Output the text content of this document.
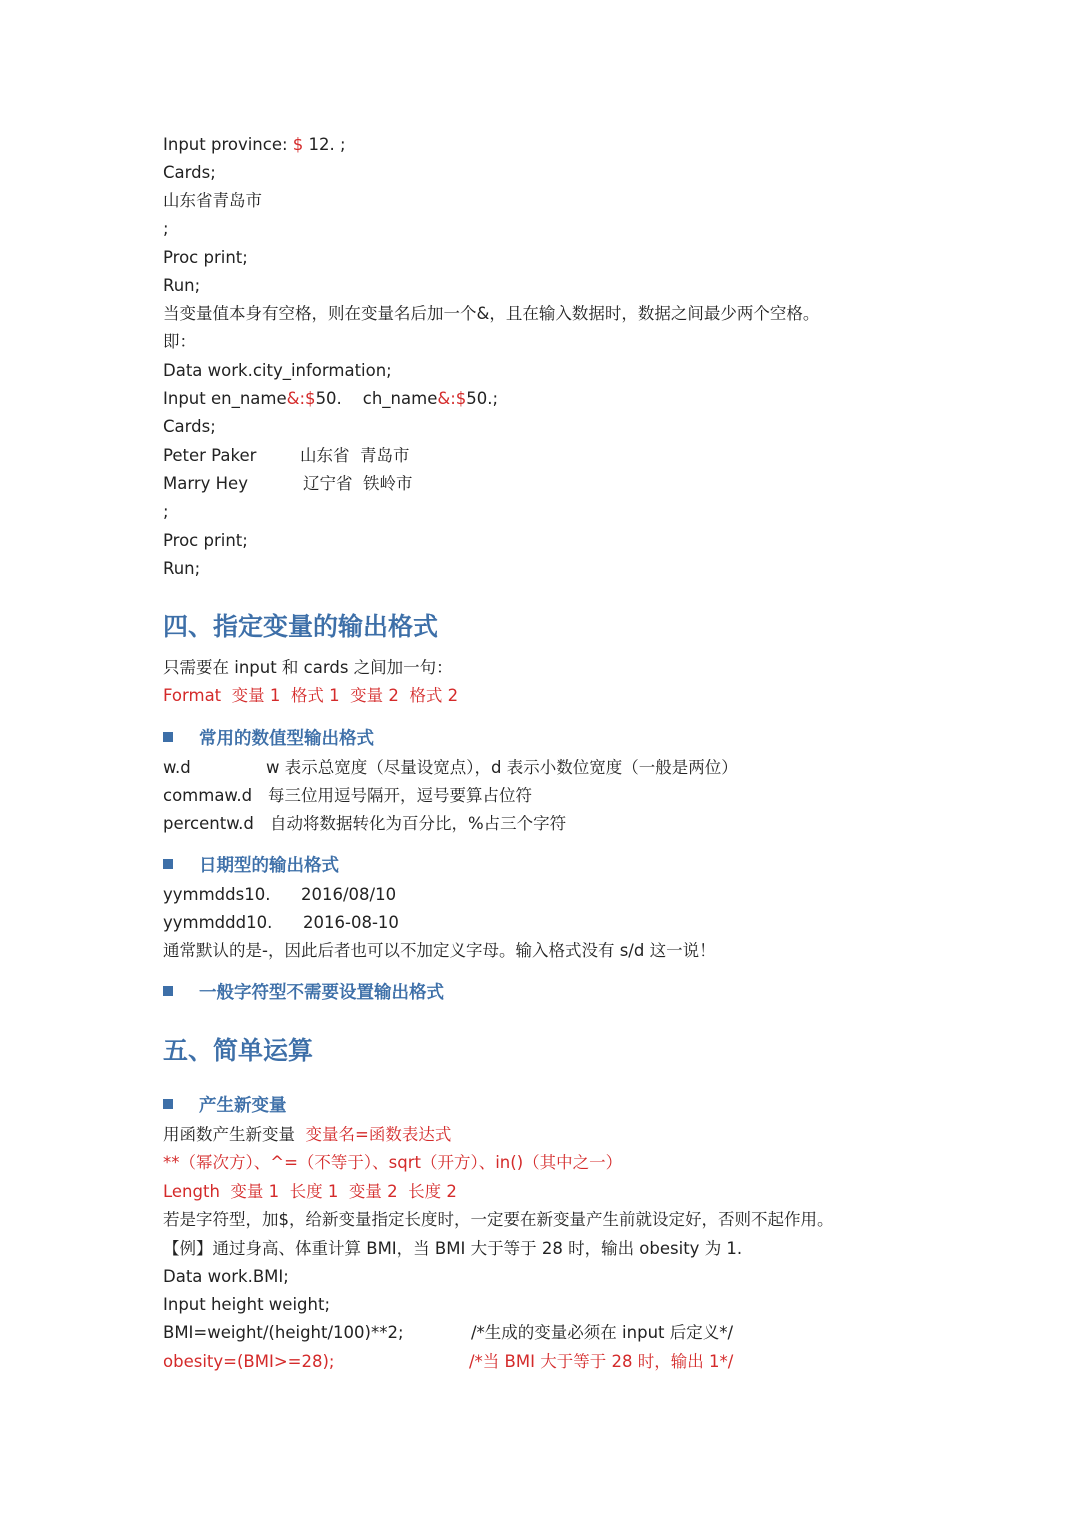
Input province: $ 12. ;
Cards;
山东省青岛市
;
Proc print;
Run;
当变量值本身有空格，则在变量名后加一个&，且在输入数据时，数据之间最少两个空格。
即：
Data work.city_information;
Input en_name&:$50.    ch_name&:$50.;
Cards;
Peter Paker	山东省  青岛市
Marry Hey	辽宁省  铁岭市
;
Proc print;
Run;
四、指定变量的输出格式
只需要在 input 和 cards 之间加一句：
Format  变量 1  格式 1  变量 2  格式 2
常用的数值型输出格式
w.d	w 表示总宽度（尽量设宽点），d 表示小数位宽度（一般是两位）
commaw.d 每三位用逗号隔开，逗号要算占位符
percentw.d 自动将数据转化为百分比，%占三个字符
日期型的输出格式
yymmdds10. 2016/08/10
yymmddd10. 2016-08-10
通常默认的是-，因此后者也可以不加定义字母。输入格式没有 s/d 这一说！
一般字符型不需要设置输出格式
五、简单运算
产生新变量
用函数产生新变量  变量名=函数表达式
**（幂次方）、^=（不等于）、sqrt（开方）、in()（其中之一）
Length  变量 1  长度 1  变量 2  长度 2
若是字符型，加$，给新变量指定长度时，一定要在新变量产生前就设定好，否则不起作用。
【例】通过身高、体重计算 BMI，当 BMI 大于等于 28 时，输出 obesity 为 1.
Data work.BMI;
Input height weight;
BMI=weight/(height/100)**2;	/*生成的变量必须在 input 后定义*/
obesity=(BMI>=28);	/*当 BMI 大于等于 28 时，输出 1*/
